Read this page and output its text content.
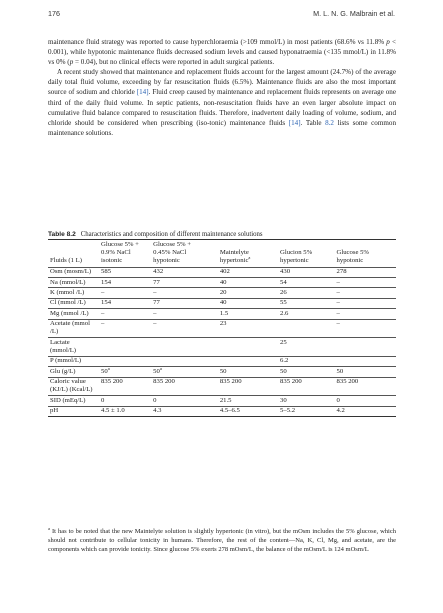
176	M. L. N. G. Malbrain et al.

maintenance fluid strategy was reported to cause hyperchloraemia (>109 mmol/L) in most patients (68.6% vs 11.8% p < 0.001), while hypotonic maintenance fluids decreased sodium levels and caused hyponatraemia (<135 mmol/L) in 11.8% vs 0% (p = 0.04), but no clinical effects were reported in adult surgical patients.

A recent study showed that maintenance and replacement fluids account for the largest amount (24.7%) of the average daily total fluid volume, exceeding by far resuscitation fluids (6.5%). Maintenance fluids are also the most important source of sodium and chloride [14]. Fluid creep caused by maintenance and replacement fluids represents on average one third of the daily fluid volume. In septic patients, non-resuscitation fluids have an even larger absolute impact on cumulative fluid balance compared to resuscitation fluids. Therefore, inadvertent daily loading of volume, sodium, and chloride should be considered when prescribing (iso-tonic) maintenance fluids [14]. Table 8.2 lists some common maintenance solutions.

Table 8.2 Characteristics and composition of different maintenance solutions
Fluids (1 L)	Glucose 5% +
0.9% NaCl
isotonic	Glucose 5% +
0.45% NaCl
hypotonic	Maintelyte
hypertonic$^a$	Glucion 5%
hypertonic	Glucose 5%
hypotonic
Osm (mosm/L)	585	432	402	430	278
Na (mmol/L)	154	77	40	54	–
K (mmol /L)	–	–	20	26	–
Cl (mmol /L)	154	77	40	55	–
Mg (mmol /L)	–	–	1.5	2.6	–
Acetate (mmol /L)	–	–	23		–
Lactate (mmol/L)				25	
P (mmol/L)				6.2	
Glu (g/L)	50$^a$	50$^a$	50	50	50
Caloric value (KJ/L) (Kcal/L)	835 200	835 200	835 200	835 200	835 200
SID (mEq/L)	0	0	21.5	30	0
pH	4.5 ± 1.0	4.3	4.5–6.5	5–5.2	4.2
$^a$ It has to be noted that the new Maintelyte solution is slightly hypertonic (in vitro), but the mOsm includes the 5% glucose, which should not contribute to cellular tonicity in humans. Therefore, the rest of the content—Na, K, Cl, Mg, and acetate, are the components which can provide tonicity. Since glucose 5% exerts 278 mOsm/L, the balance of the mOsm/L is 124 mOsm/L
